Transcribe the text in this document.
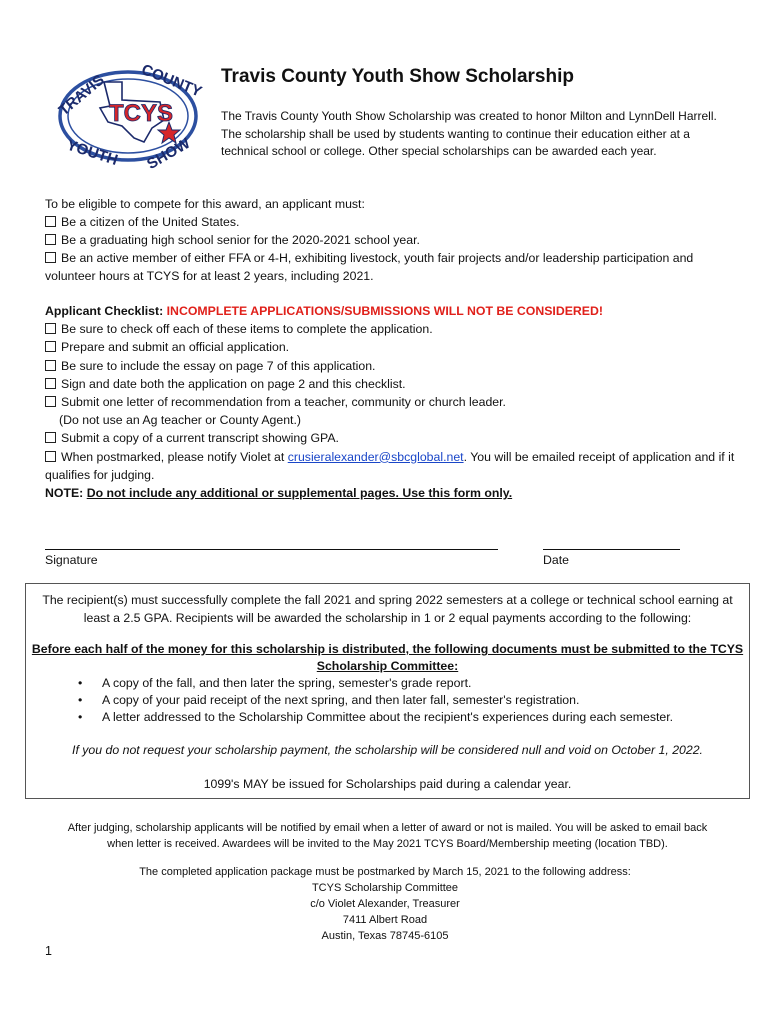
TCYS
TRAVIS COUNTY
YOUTH SHOW
Travis County Youth Show Scholarship
The Travis County Youth Show Scholarship was created to honor Milton and LynnDell Harrell. The scholarship shall be used by students wanting to continue their education either at a technical school or college. Other special scholarships can be awarded each year.
To be eligible to compete for this award, an applicant must:
Be a citizen of the United States.
Be a graduating high school senior for the 2020-2021 school year.
Be an active member of either FFA or 4-H, exhibiting livestock, youth fair projects and/or leadership participation and volunteer hours at TCYS for at least 2 years, including 2021.
Applicant Checklist: INCOMPLETE APPLICATIONS/SUBMISSIONS WILL NOT BE CONSIDERED!
Be sure to check off each of these items to complete the application.
Prepare and submit an official application.
Be sure to include the essay on page 7 of this application.
Sign and date both the application on page 2 and this checklist.
Submit one letter of recommendation from a teacher, community or church leader.
(Do not use an Ag teacher or County Agent.)
Submit a copy of a current transcript showing GPA.
When postmarked, please notify Violet at crusieralexander@sbcglobal.net. You will be emailed receipt of application and if it qualifies for judging.
NOTE: Do not include any additional or supplemental pages. Use this form only.
Signature	Date
The recipient(s) must successfully complete the fall 2021 and spring 2022 semesters at a college or technical school earning at least a 2.5 GPA. Recipients will be awarded the scholarship in 1 or 2 equal payments according to the following:
Before each half of the money for this scholarship is distributed, the following documents must be submitted to the TCYS
Scholarship Committee:
• A copy of the fall, and then later the spring, semester's grade report.
• A copy of your paid receipt of the next spring, and then later fall, semester's registration.
• A letter addressed to the Scholarship Committee about the recipient's experiences during each semester.
If you do not request your scholarship payment, the scholarship will be considered null and void on October 1, 2022.
1099's MAY be issued for Scholarships paid during a calendar year.
After judging, scholarship applicants will be notified by email when a letter of award or not is mailed. You will be asked to email back
when letter is received. Awardees will be invited to the May 2021 TCYS Board/Membership meeting (location TBD).
The completed application package must be postmarked by March 15, 2021 to the following address:
TCYS Scholarship Committee
c/o Violet Alexander, Treasurer
7411 Albert Road
Austin, Texas 78745-6105
1
